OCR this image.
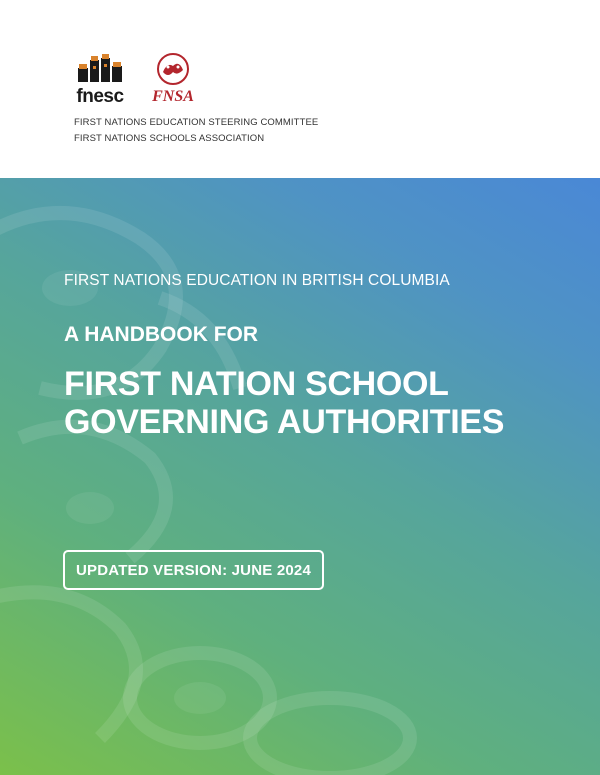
fnesc	FNSA
FIRST NATIONS EDUCATION STEERING COMMITTEE
FIRST NATIONS SCHOOLS ASSOCIATION
FIRST NATIONS EDUCATION IN BRITISH COLUMBIA
A HANDBOOK FOR
FIRST NATION SCHOOL
GOVERNING AUTHORITIES
UPDATED VERSION: JUNE 2024
